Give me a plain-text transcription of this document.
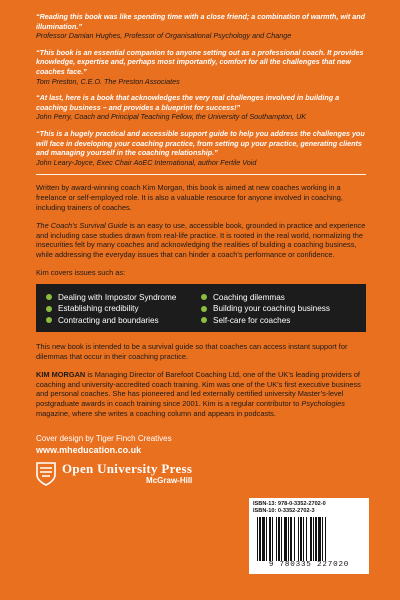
“Reading this book was like spending time with a close friend; a combination of warmth, wit and illumination.”
Professor Damian Hughes, Professor of Organisational Psychology and Change
“This book is an essential companion to anyone setting out as a professional coach. It provides knowledge, expertise and, perhaps most importantly, comfort for all the challenges that new coaches face.”
Tom Preston, C.E.O. The Preston Associates
“At last, here is a book that acknowledges the very real challenges involved in building a coaching business – and provides a blueprint for success!”
John Perry, Coach and Principal Teaching Fellow, the University of Southampton, UK
“This is a hugely practical and accessible support guide to help you address the challenges you will face in developing your coaching practice, from setting up your practice, generating clients and managing yourself in the coaching relationship.”
John Leary-Joyce, Exec Chair AoEC International, author Fertile Void

Written by award-winning coach Kim Morgan, this book is aimed at new coaches working in a freelance or self-employed role. It is also a valuable resource for anyone involved in coaching, including trainers of coaches.

The Coach’s Survival Guide is an easy to use, accessible book, grounded in practice and experience and including case studies drawn from real-life practice. It is rooted in the real world, normalizing the insecurities felt by many coaches and acknowledging the realities of building a coaching business, while addressing the everyday issues that can hinder a coach’s performance or confidence.

Kim covers issues such as:

Dealing with Impostor Syndrome	Coaching dilemmas
Establishing credibility	Building your coaching business
Contracting and boundaries	Self-care for coaches

This new book is intended to be a survival guide so that coaches can access instant support for dilemmas that occur in their coaching practice.

KIM MORGAN is Managing Director of Barefoot Coaching Ltd, one of the UK’s leading providers of coaching and university-accredited coach training. Kim was one of the UK’s first executive business and personal coaches. She has pioneered and led externally certified university Master’s-level postgraduate awards in coach training since 2001. Kim is a regular contributor to Psychologies magazine, where she writes a coaching column and appears in podcasts.

Cover design by Tiger Finch Creatives
www.mheducation.co.uk
Open University Press
McGraw-Hill
ISBN-13: 978-0-3352-2702-0
ISBN-10: 0-3352-2702-3
9 780335 227020
